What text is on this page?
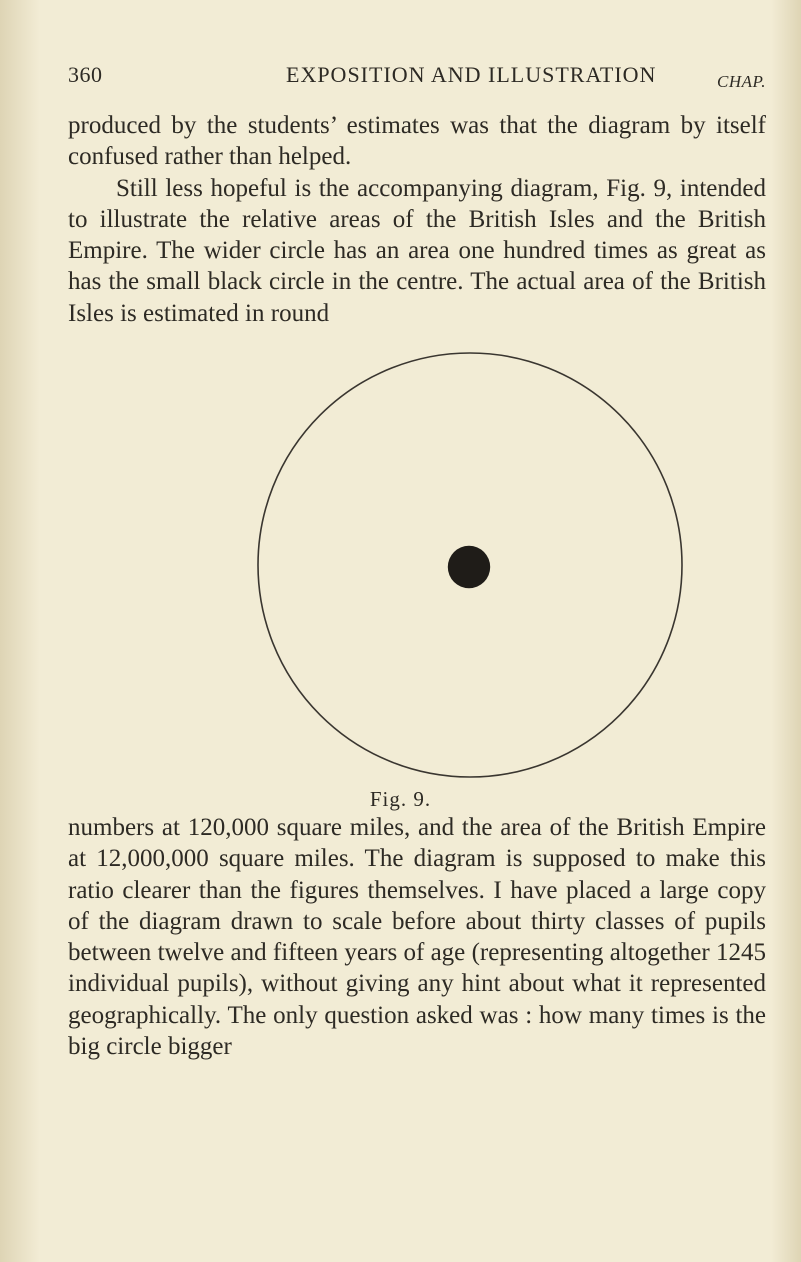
360	EXPOSITION AND ILLUSTRATION	CHAP.

produced by the students’ estimates was that the diagram by itself confused rather than helped.

Still less hopeful is the accompanying diagram, Fig. 9, intended to illustrate the relative areas of the British Isles and the British Empire. The wider circle has an area one hundred times as great as has the small black circle in the centre. The actual area of the British Isles is estimated in round

Fig. 9.

numbers at 120,000 square miles, and the area of the British Empire at 12,000,000 square miles. The diagram is supposed to make this ratio clearer than the figures themselves. I have placed a large copy of the diagram drawn to scale before about thirty classes of pupils between twelve and fifteen years of age (representing altogether 1245 individual pupils), without giving any hint about what it represented geographically. The only question asked was : how many times is the big circle bigger
